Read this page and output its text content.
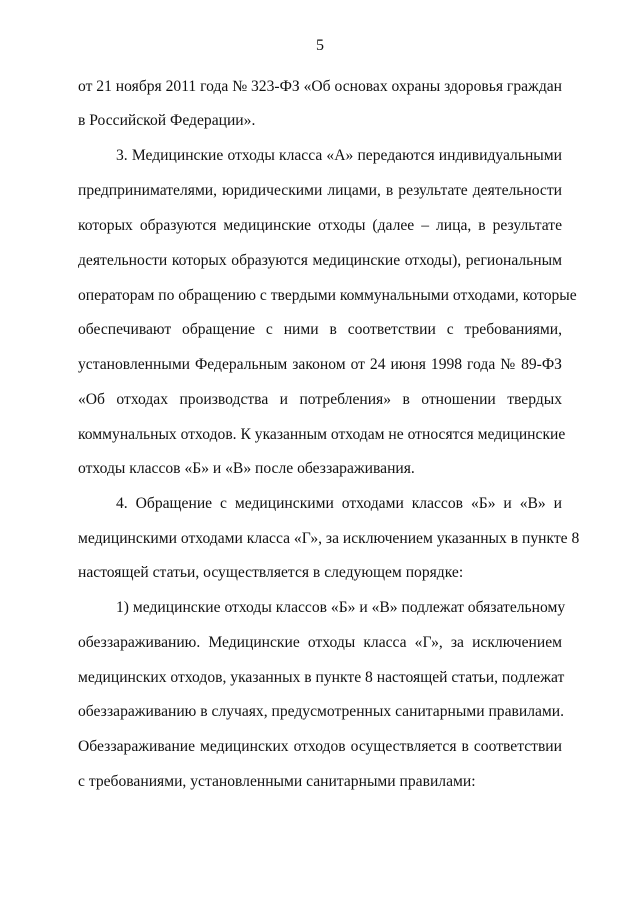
5
от 21 ноября 2011 года № 323-ФЗ «Об основах охраны здоровья граждан
в Российской Федерации».
3. Медицинские отходы класса «А» передаются индивидуальными
предпринимателями, юридическими лицами, в результате деятельности
которых образуются медицинские отходы (далее – лица, в результате
деятельности которых образуются медицинские отходы), региональным
операторам по обращению с твердыми коммунальными отходами, которые
обеспечивают обращение с ними в соответствии с требованиями,
установленными Федеральным законом от 24 июня 1998 года № 89-ФЗ
«Об отходах производства и потребления» в отношении твердых
коммунальных отходов. К указанным отходам не относятся медицинские
отходы классов «Б» и «В» после обеззараживания.
4. Обращение с медицинскими отходами классов «Б» и «В» и
медицинскими отходами класса «Г», за исключением указанных в пункте 8
настоящей статьи, осуществляется в следующем порядке:
1) медицинские отходы классов «Б» и «В» подлежат обязательному
обеззараживанию. Медицинские отходы класса «Г», за исключением
медицинских отходов, указанных в пункте 8 настоящей статьи, подлежат
обеззараживанию в случаях, предусмотренных санитарными правилами.
Обеззараживание медицинских отходов осуществляется в соответствии
с требованиями, установленными санитарными правилами:
